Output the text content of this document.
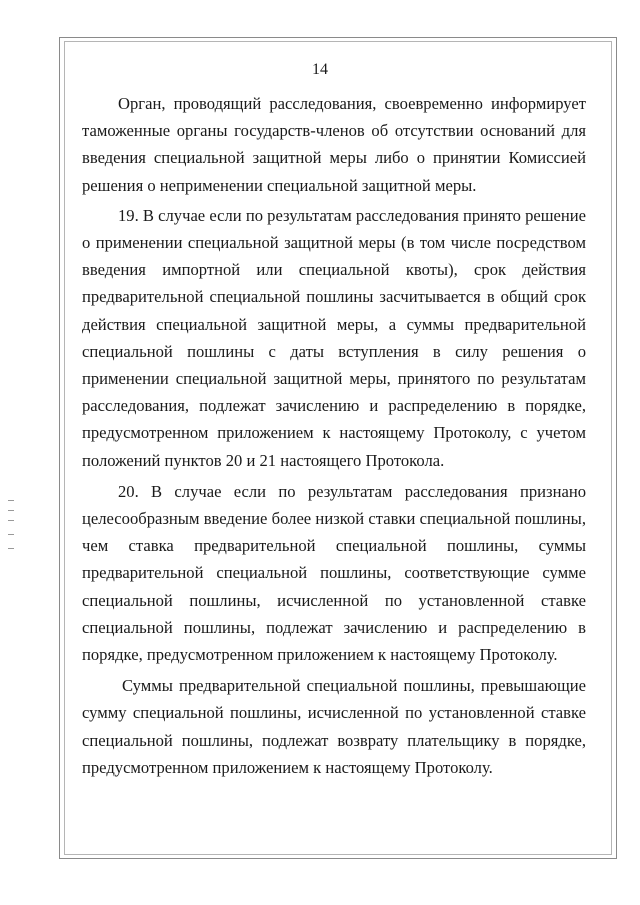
14

Орган, проводящий расследования, своевременно информирует таможенные органы государств-членов об отсутствии оснований для введения специальной защитной меры либо о принятии Комиссией решения о неприменении специальной защитной меры.

19. В случае если по результатам расследования принято решение о применении специальной защитной меры (в том числе посредством введения импортной или специальной квоты), срок действия предварительной специальной пошлины засчитывается в общий срок действия специальной защитной меры, а суммы предварительной специальной пошлины с даты вступления в силу решения о применении специальной защитной меры, принятого по результатам расследования, подлежат зачислению и распределению в порядке, предусмотренном приложением к настоящему Протоколу, с учетом положений пунктов 20 и 21 настоящего Протокола.

20. В случае если по результатам расследования признано целесообразным введение более низкой ставки специальной пошлины, чем ставка предварительной специальной пошлины, суммы предварительной специальной пошлины, соответствующие сумме специальной пошлины, исчисленной по установленной ставке специальной пошлины, подлежат зачислению и распределению в порядке, предусмотренном приложением к настоящему Протоколу.

Суммы предварительной специальной пошлины, превышающие сумму специальной пошлины, исчисленной по установленной ставке специальной пошлины, подлежат возврату плательщику в порядке, предусмотренном приложением к настоящему Протоколу.
